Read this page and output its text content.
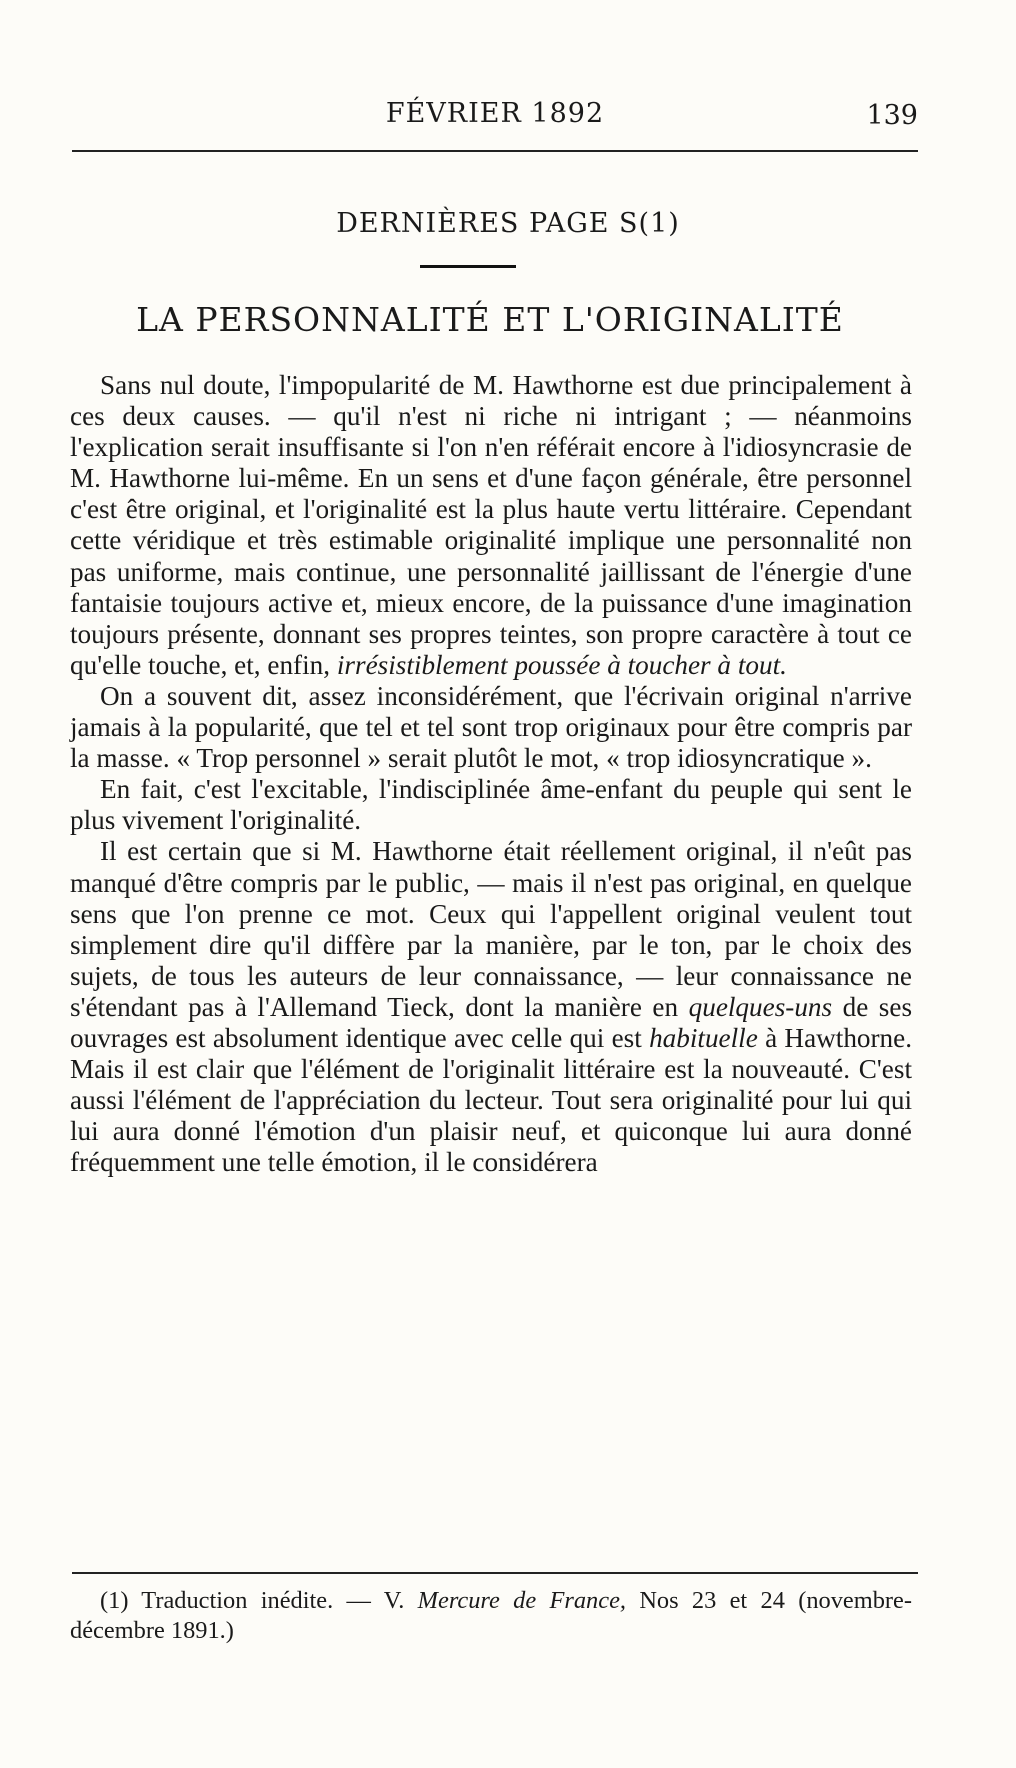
FÉVRIER 1892	139
DERNIÈRES PAGE S(1)
LA PERSONNALITÉ ET L'ORIGINALITÉ

Sans nul doute, l'impopularité de M. Hawthorne est due principalement à ces deux causes. — qu'il n'est ni riche ni intrigant ; — néanmoins l'explication serait insuffisante si l'on n'en référait encore à l'idiosyncrasie de M. Hawthorne lui-même. En un sens et d'une façon générale, être personnel c'est être original, et l'originalité est la plus haute vertu littéraire. Cependant cette véridique et très estimable originalité implique une personnalité non pas uniforme, mais continue, une personnalité jaillissant de l'énergie d'une fantaisie toujours active et, mieux encore, de la puissance d'une imagination toujours présente, donnant ses propres teintes, son propre caractère à tout ce qu'elle touche, et, enfin, irrésistiblement poussée à toucher à tout.

On a souvent dit, assez inconsidérément, que l'écrivain original n'arrive jamais à la popularité, que tel et tel sont trop originaux pour être compris par la masse. « Trop personnel » serait plutôt le mot, « trop idiosyncratique ».

En fait, c'est l'excitable, l'indisciplinée âme-enfant du peuple qui sent le plus vivement l'originalité.

Il est certain que si M. Hawthorne était réellement original, il n'eût pas manqué d'être compris par le public, — mais il n'est pas original, en quelque sens que l'on prenne ce mot. Ceux qui l'appellent original veulent tout simplement dire qu'il diffère par la manière, par le ton, par le choix des sujets, de tous les auteurs de leur connaissance, — leur connaissance ne s'étendant pas à l'Allemand Tieck, dont la manière en quelques-uns de ses ouvrages est absolument identique avec celle qui est habituelle à Hawthorne. Mais il est clair que l'élément de l'originalit littéraire est la nouveauté. C'est aussi l'élément de l'appréciation du lecteur. Tout sera originalité pour lui qui lui aura donné l'émotion d'un plaisir neuf, et quiconque lui aura donné fréquemment une telle émotion, il le considérera

(1) Traduction inédite. — V. Mercure de France, Nos 23 et 24 (novembre-décembre 1891.)
